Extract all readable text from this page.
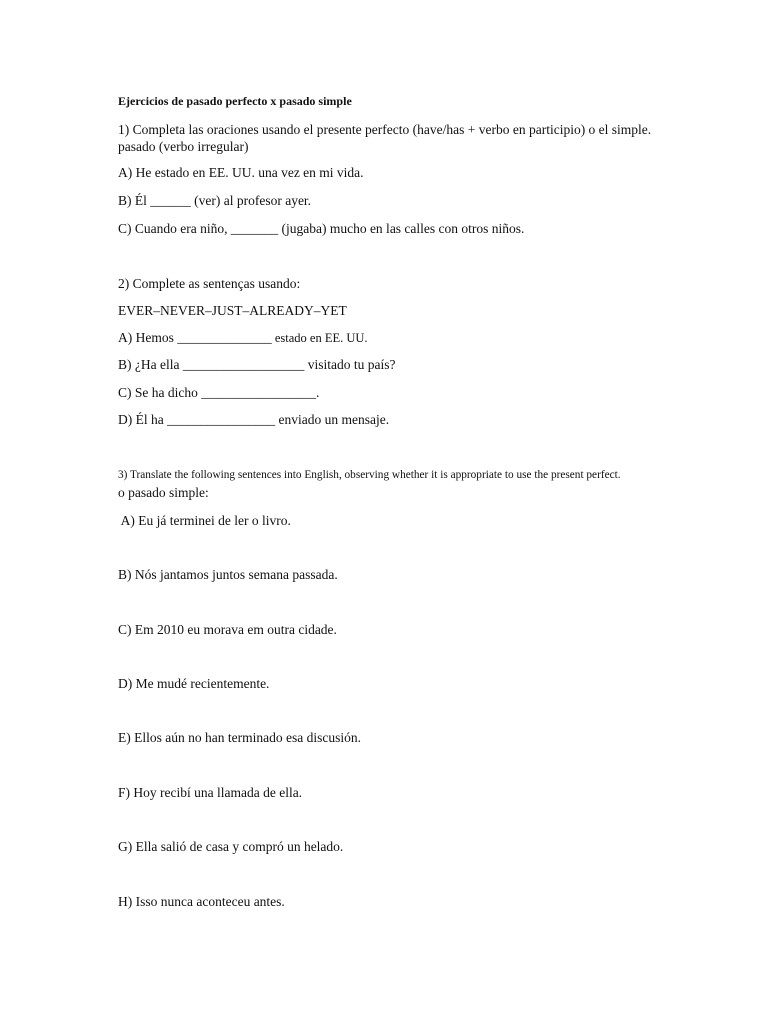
Ejercicios de pasado perfecto x pasado simple
1) Completa las oraciones usando el presente perfecto (have/has + verbo en participio) o el simple. pasado (verbo irregular)
A) He estado en EE. UU. una vez en mi vida.
B) Él ______ (ver) al profesor ayer.
C) Cuando era niño, _______ (jugaba) mucho en las calles con otros niños.
2) Complete as sentenças usando:
EVER–NEVER–JUST–ALREADY–YET
A) Hemos ______________ estado en EE. UU.
B) ¿Ha ella __________________ visitado tu país?
C) Se ha dicho _________________.
D) Él ha ________________ enviado un mensaje.
3) Translate the following sentences into English, observing whether it is appropriate to use the present perfect.
o pasado simple:
A) Eu já terminei de ler o livro.
B) Nós jantamos juntos semana passada.
C) Em 2010 eu morava em outra cidade.
D) Me mudé recientemente.
E) Ellos aún no han terminado esa discusión.
F) Hoy recibí una llamada de ella.
G) Ella salió de casa y compró un helado.
H) Isso nunca aconteceu antes.
